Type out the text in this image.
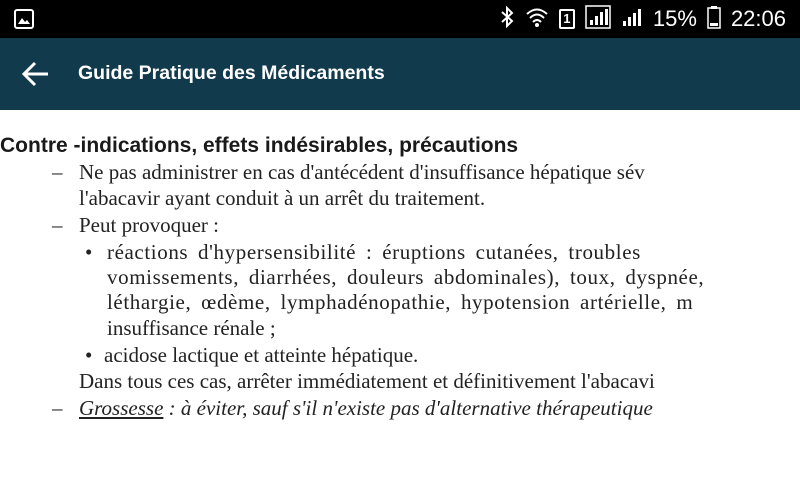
1	15% 22:06
Guide Pratique des Médicaments
Contre -indications, effets indésirables, précautions
– Ne pas administrer en cas d'antécédent d'insuffisance hépatique sév
l'abacavir ayant conduit à un arrêt du traitement.
– Peut provoquer :
• réactions d'hypersensibilité : éruptions cutanées, troubles
vomissements, diarrhées, douleurs abdominales), toux, dyspnée,
léthargie, œdème, lymphadénopathie, hypotension artérielle, m
insuffisance rénale ;
• acidose lactique et atteinte hépatique.
Dans tous ces cas, arrêter immédiatement et définitivement l'abacavi
– Grossesse : à éviter, sauf s'il n'existe pas d'alternative thérapeutique
